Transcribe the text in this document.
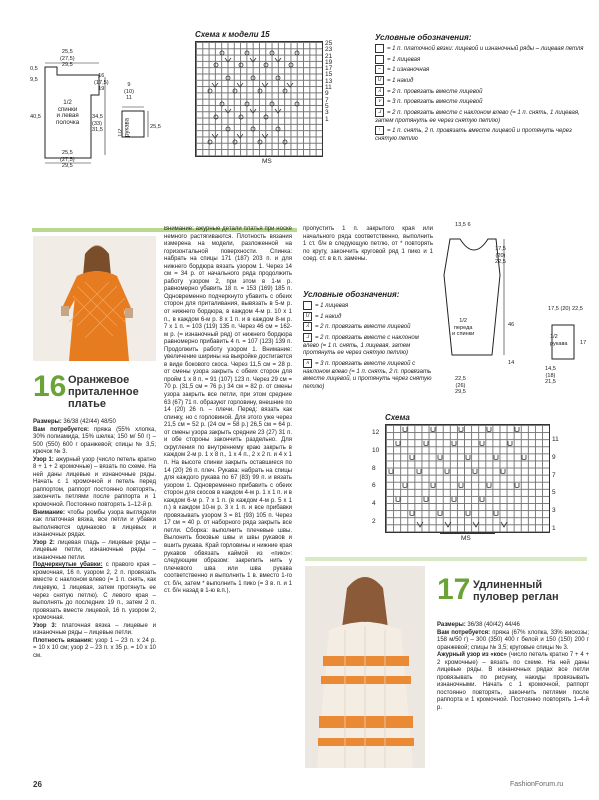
25,5
(27,5)
29,5
16
(17,5)
19
0,5
9,5
40,5	34,5
(33)
31,5
1/2
спинки
и левая
полочка
25,5
(27,5)
29,5
9
(10)
11
1/2
рукава	25,5
Схема к модели 15
25
23
21
19
17
15
13
11
9
7
5
3
1
MS
Условные обозначения:
= 1 п. платочной вязки: лицевой и изнаночный ряды – лицевая петля
= 1 лицевая
– = 1 изнаночная
U = 1 накид
⅄ = 2 п. провязать вместе лицевой
⋎ = 3 п. провязать вместе лицевой
⅃ = 2 п. провязать вместе с наклоном влево (= 1 п. снять, 1 лицевая, затем протянуть ее через снятую петлю)
↑ = 1 п. снять, 2 п. провязать вместе лицевой и протянуть через снятую петлю
16 Оранжевое приталенное платье
Размеры: 36/38 (42/44) 48/50
Вам потребуется: пряжа (55% хлопка, 30% полиамида, 15% шелка; 150 м/ 50 г) – 500 (550) 600 г оранжевой; спицы № 3,5; крючок № 3.
Узор 1: ажурный узор (число петель кратно 8 + 1 + 2 кромочные) – вязать по схеме. На ней даны лицевые и изнаночные ряды. Начать с 1 кромочной и петель перед раппортом, раппорт постоянно повторять, закончить петлями после раппорта и 1 кромочной. Постоянно повторять 1–12-й р.
Внимание: чтобы ромбы узора выглядели как платочная вязка, все петли и убавки выполняются одинаково в лицевых и изнаночных рядах.
Узор 2: лицевая гладь – лицевые ряды – лицевые петли, изнаночные ряды – изнаночные петли.
Подчеркнутые убавки: с правого края – кромочная, 16 п. узором 2, 2 п. провязать вместе с наклоном влево (= 1 п. снять, как лицевую, 1 лицевая, затем протянуть ее через снятую петлю). С левого края – выполнять до последних 19 п., затем 2 п. провязать вместе лицевой, 16 п. узором 2, кромочная.
Узор 3: платочная вязка – лицевые и изнаночные ряды – лицевые петли.
Плотность вязания: узор 1 – 23 п. x 24 р. = 10 x 10 см; узор 2 – 23 п. x 35 р. = 10 x 10 см.
Внимание: ажурные детали платья при носке немного растягиваются. Плотность вязания измерена на модели, разложенной на горизонтальной поверхности. Спинка: набрать на спицы 171 (187) 203 п. и для нижнего бордюра вязать узором 1. Через 14 см = 34 р. от начального ряда продолжить работу узором 2, при этом в 1-м р. равномерно убавить 18 п. = 153 (169) 185 п. Одновременно подчеркнуто убавить с обеих сторон для приталивания, вывязать в 5-м р. от нижнего бордюра, в каждом 4-м р. 10 x 1 п., в каждом 6-м р. 8 x 1 п. и в каждом 8-м р. 7 x 1 п. = 103 (119) 135 п. Через 46 см = 162-м р. (= изнаночный ряд) от нижнего бордюра равномерно прибавить 4 п. = 107 (123) 139 п. Продолжить работу узором 1. Внимание: увеличение ширины на выкройке достигается в виде бокового скоса. Через 11,5 см = 28 р. от смены узора закрыть с обеих сторон для пройм 1 x 8 п. = 91 (107) 123 п. Через 29 см = 70 р. (31,5 см = 76 р.) 34 см = 82 р. от смены узора закрыть все петли, при этом средние 63 (67) 71 п. образуют горловину, внешние по 14 (20) 26 п. – плечи. Перед: вязать как спинку, но с горловиной. Для этого уже через 21,5 см = 52 р. (24 см = 58 р.) 26,5 см = 64 р. от смены узора закрыть средние 23 (27) 31 п. и обе стороны закончить раздельно. Для скругления по внутреннему краю закрыть в каждом 2-м р. 1 x 8 п., 1 x 4 п., 2 x 2 п. и 4 x 1 п. На высоте спинки закрыть оставшиеся по 14 (20) 26 п. плеч. Рукава: набрать на спицы для каждого рукава по 67 (83) 99 п. и вязать узором 1. Одновременно прибавить с обеих сторон для скосов в каждом 4-м р. 1 x 1 п. и в каждом 6-м р. 7 x 1 п. (в каждом 4-м р. 5 x 1 п.) в каждом 10-м р. 3 x 1 п. и все прибавки провязывать узором 3 = 81 (93) 105 п. Через 17 см = 40 р. от наборного ряда закрыть все петли. Сборка: выполнить плечевые швы. Вылонить боковые швы и швы рукавов и вшить рукава. Край горловины и нижние края рукавов обвязать каймой из «пико»: следующим образом: закрепить нить у плечевого шва или шва рукава соответственно и выполнить 1 в. вместо 1-го ст. б/н, затем * выполнить 1 пико (= 3 в. п. и 1 ст. б/н назад в 1-ю в.п.),
пропустить 1 п. закрытого края или начального ряда соответственно, выполнить 1 ст. б/н в следующую петлю, от * повторять по кругу, закончить круговой ряд 1 пико и 1 соед. ст. в в.п. замены.
Условные обозначения:
= 1 лицевая
U = 1 накид
⅄ = 2 п. провязать вместе лицевой
⅃ = 2 п. провязать вместе с наклоном влево (= 1 п. снять, 1 лицевая, затем протянуть ее через снятую петлю)
⋏ = 3 п. провязать вместе лицевой с наклоном влево (= 1 п. снять, 2 п. провязать вместе лицевой, и протянуть через снятую петлю)
13,5 6
17,5
(20)
22,5
1/2
переда
и спинки
46
14
22,5
(26)
29,5
1/2
рукава
17,5 (20) 22,5
14,5
(18)
21,5
17
Схема
12
10
8
6
4
2
11
9
7
5
3
1
MS
17 Удлиненный пуловер реглан
Размеры: 36/38 (40/42) 44/46
Вам потребуется: пряжа (67% хлопка, 33% вискозы; 158 м/50 г) – 300 (350) 400 г белой и 150 (150) 200 г оранжевой; спицы № 3,5; круговые спицы № 3.
Ажурный узор из «кос» (число петель кратно 7 + 4 + 2 кромочные) – вязать по схеме. На ней даны лицевые ряды. В изнаночных рядах все петли провязывать по рисунку, накиды провязывать изнаночными. Начать с 1 кромочной, раппорт постоянно повторять, закончить петлями после раппорта и 1 кромочной. Постоянно повторять 1–4-й р.
26	FashionForum.ru
